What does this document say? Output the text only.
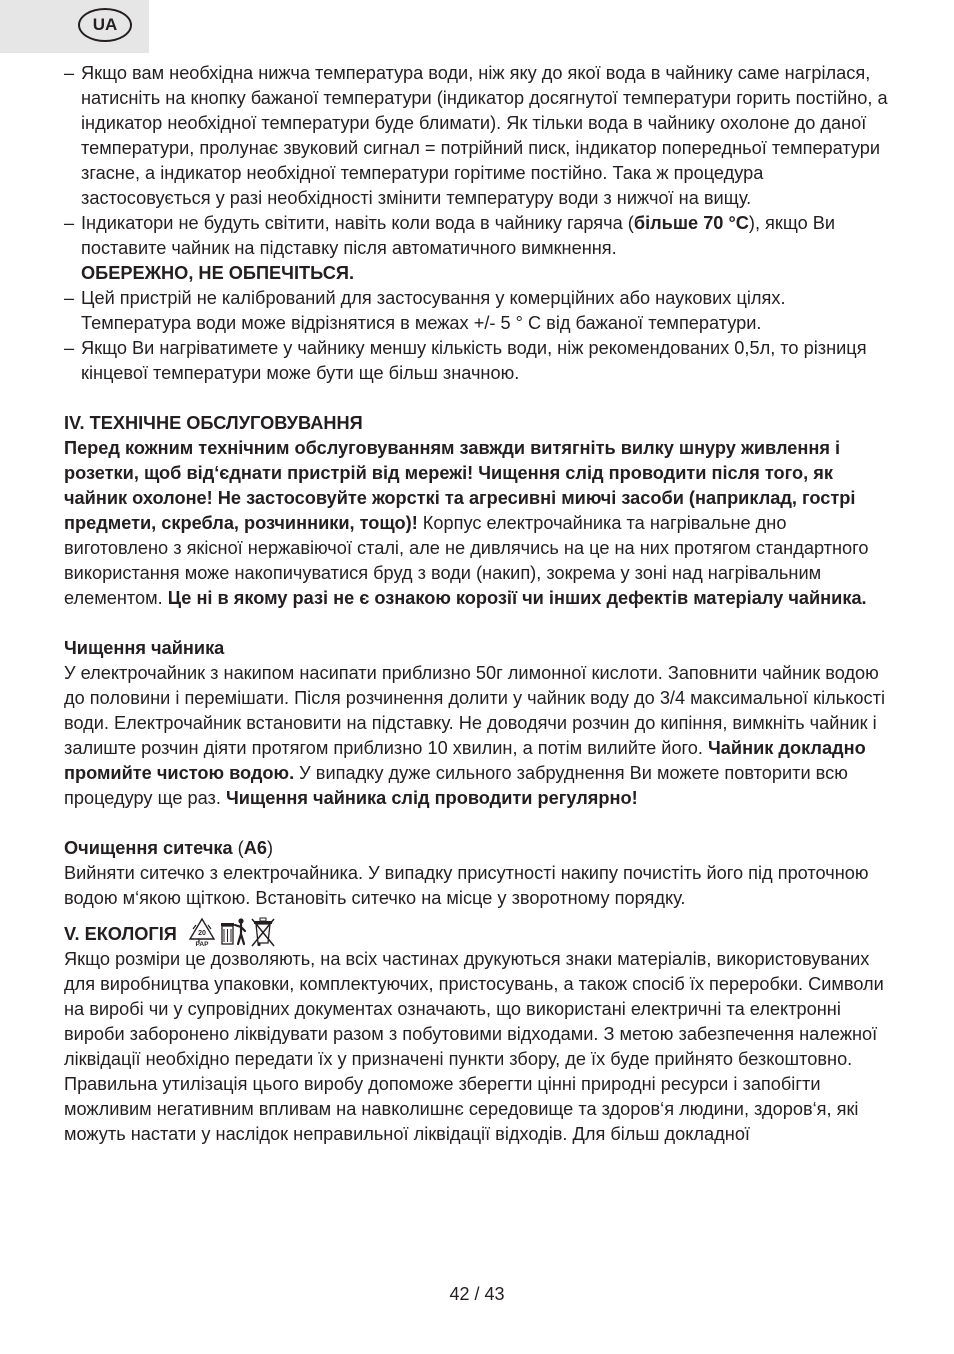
UA
– Якщо вам необхідна нижча температура води, ніж яку до якої вода в чайнику саме нагрілася, натисніть на кнопку бажаної температури (індикатор досягнутої температури горить постійно, а індикатор необхідної температури буде блимати). Як тільки вода в чайнику охолоне до даної температури, пролунає звуковий сигнал = потрійний писк, індикатор попередньої температури згасне, а індикатор необхідної температури горітиме постійно. Така ж процедура застосовується у разі необхідності змінити температуру води з нижчої на вищу.
– Індикатори не будуть світити, навіть коли вода в чайнику гаряча (більше 70 °C), якщо Ви поставите чайник на підставку після автоматичного вимкнення.
ОБЕРЕЖНО, НЕ ОБПЕЧІТЬСЯ.
– Цей пристрій не калібрований для застосування у комерційних або наукових цілях. Температура води може відрізнятися в межах +/- 5 ° C від бажаної температури.
– Якщо Ви нагріватимете у чайнику меншу кількість води, ніж рекомендованих 0,5л, то різниця кінцевої температури може бути ще більш значною.

IV. ТЕХНІЧНЕ ОБСЛУГОВУВАННЯ

Перед кожним технічним обслуговуванням завжди витягніть вилку шнуру живлення і розетки, щоб від‘єднати пристрій від мережі! Чищення слід проводити після того, як чайник охолоне! Не застосовуйте жорсткі та агресивні миючі засоби (наприклад, гострі предмети, скребла, розчинники, тощо)! Корпус електрочайника та нагрівальне дно виготовлено з якісної нержавіючої сталі, але не дивлячись на це на них протягом стандартного використання може накопичуватися бруд з води (накип), зокрема у зоні над нагрівальним елементом. Це ні в якому разі не є ознакою корозії чи інших дефектів матеріалу чайника.

Чищення чайника

У електрочайник з накипом насипати приблизно 50г лимонної кислоти. Заповнити чайник водою до половини і перемішати. Після розчинення долити у чайник воду до 3/4 максимальної кількості води. Електрочайник встановити на підставку. Не доводячи розчин до кипіння, вимкніть чайник і залиште розчин діяти протягом приблизно 10 хвилин, а потім вилийте його. Чайник докладно промийте чистою водою. У випадку дуже сильного забруднення Ви можете повторити всю процедуру ще раз. Чищення чайника слід проводити регулярно!

Очищення ситечка (A6)

Вийняти ситечко з електрочайника. У випадку присутності накипу почистіть його під проточною водою м‘якою щіткою. Встановіть ситечко на місце у зворотному порядку.

V. ЕКОЛОГІЯ	20
PAP

Якщо розміри це дозволяють, на всіх частинах друкуються знаки матеріалів, використовуваних для виробництва упаковки, комплектуючих, пристосувань, а також спосіб їх переробки. Символи на виробі чи у супровідних документах означають, що використані електричні та електронні вироби заборонено ліквідувати разом з побутовими відходами. З метою забезпечення належної ліквідації необхідно передати їх у призначені пункти збору, де їх буде прийнято безкоштовно. Правильна утилізація цього виробу допоможе зберегти цінні природні ресурси і запобігти можливим негативним впливам на навколишнє середовище та здоров‘я людини, здоров‘я, які можуть настати у наслідок неправильної ліквідації відходів. Для більш докладної

42 / 43
